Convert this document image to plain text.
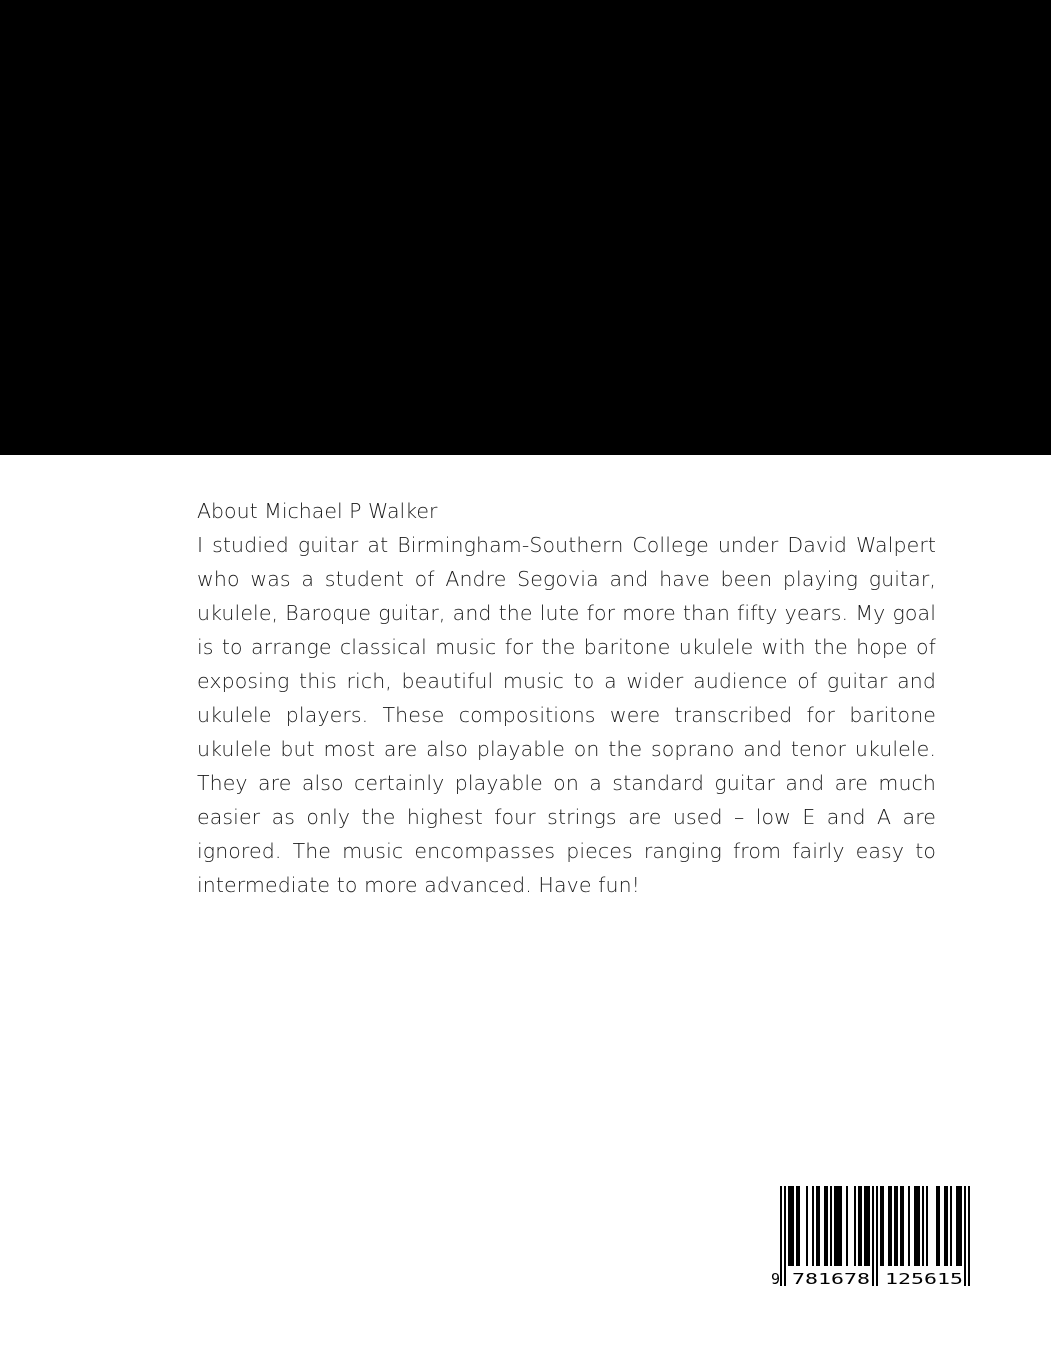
About Michael P Walker

I studied guitar at Birmingham-Southern College under David Walpert who was a student of Andre Segovia and have been playing guitar, ukulele, Baroque guitar, and the lute for more than fifty years. My goal is to arrange classical music for the baritone ukulele with the hope of exposing this rich, beautiful music to a wider audience of guitar and ukulele players. These compositions were transcribed for baritone ukulele but most are also playable on the soprano and tenor ukulele. They are also certainly playable on a standard guitar and are much easier as only the highest four strings are used – low E and A are ignored. The music encompasses pieces ranging from fairly easy to intermediate to more advanced. Have fun!

9 781678 125615
